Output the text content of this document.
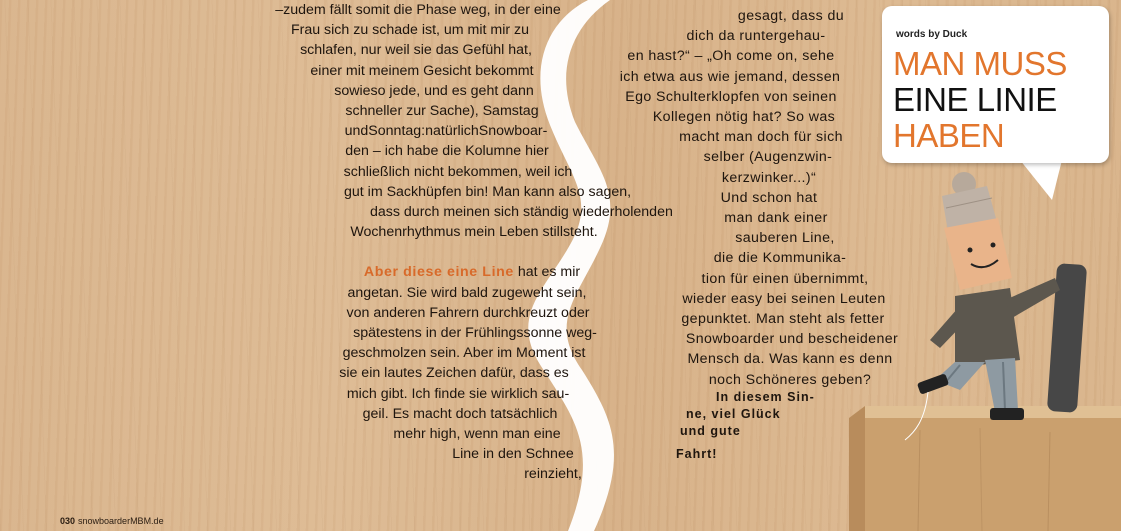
–zudem fällt somit die Phase weg, in der eine
Frau sich zu schade ist, um mit mir zu
schlafen, nur weil sie das Gefühl hat,
einer mit meinem Gesicht bekommt
sowieso jede, und es geht dann
schneller zur Sache), Samstag
undSonntag:natürlichSnowboar-
den – ich habe die Kolumne hier
schließlich nicht bekommen, weil ich
gut im Sackhüpfen bin! Man kann also sagen,
dass durch meinen sich ständig wiederholenden
Wochenrhythmus mein Leben stillsteht.
Aber diese eine Line hat es mir
angetan. Sie wird bald zugeweht sein,
von anderen Fahrern durchkreuzt oder
spätestens in der Frühlingssonne weg-
geschmolzen sein. Aber im Moment ist
sie ein lautes Zeichen dafür, dass es
mich gibt. Ich finde sie wirklich sau-
geil. Es macht doch tatsächlich
mehr high, wenn man eine
Line in den Schnee
reinzieht,
gesagt, dass du
dich da runtergehau-
en hast?“ – „Oh come on, sehe
ich etwa aus wie jemand, dessen
Ego Schulterklopfen von seinen
Kollegen nötig hat? So was
macht man doch für sich
selber (Augenzwin-
kerzwinker...)“
Und schon hat
man dank einer
sauberen Line,
die die Kommunika-
tion für einen übernimmt,
wieder easy bei seinen Leuten
gepunktet. Man steht als fetter
Snowboarder und bescheidener
Mensch da. Was kann es denn
noch Schöneres geben?
In diesem Sin-
ne, viel Glück
und gute
Fahrt!
words by Duck
MAN MUSS
EINE LINIE
HABEN
030 snowboarderMBM.de
